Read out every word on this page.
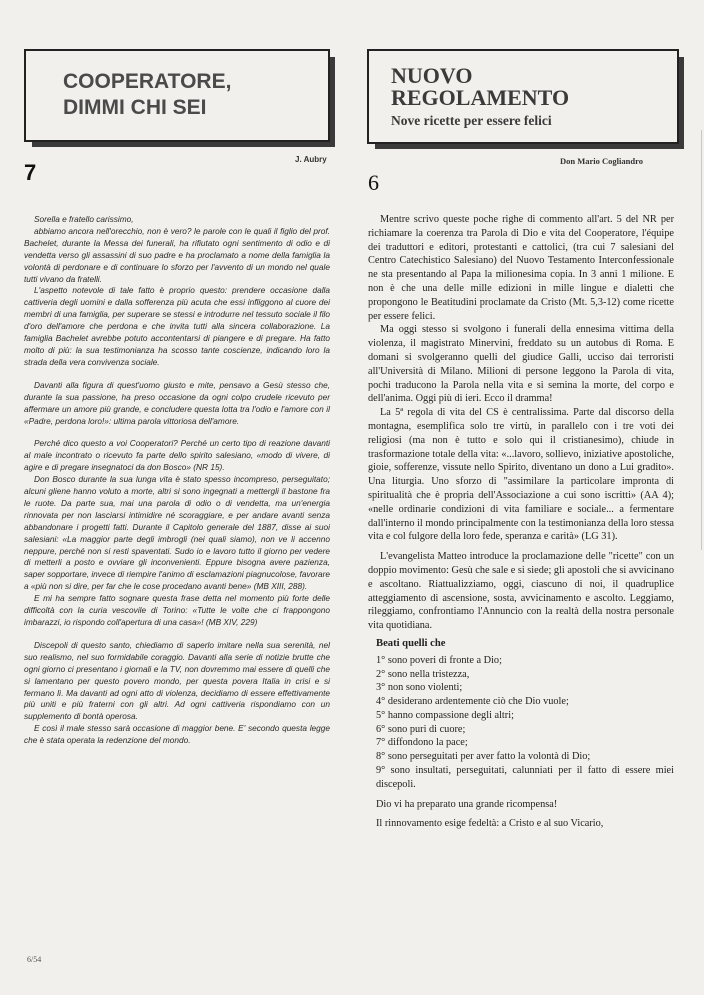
COOPERATORE,
DIMMI CHI SEI
NUOVO
REGOLAMENTO

Nove ricette per essere felici

J. Aubry
7	Don Mario Cogliandro
6

Sorella e fratello carissimo,

abbiamo ancora nell'orecchio, non è vero? le parole con le quali il figlio del prof. Bachelet, durante la Messa dei funerali, ha rifiutato ogni sentimento di odio e di vendetta verso gli assassini di suo padre e ha proclamato a nome della famiglia la volontà di perdonare e di continuare lo sforzo per l'avvento di un mondo nel quale tutti vivano da fratelli.

L'aspetto notevole di tale fatto è proprio questo: prendere occasione dalla cattiveria degli uomini e dalla sofferenza più acuta che essi infliggono al cuore dei membri di una famiglia, per superare se stessi e introdurre nel tessuto sociale il filo d'oro dell'amore che perdona e che invita tutti alla sincera collaborazione. La famiglia Bachelet avrebbe potuto accontentarsi di piangere e di pregare. Ha fatto molto di più: la sua testimonianza ha scosso tante coscienze, indicando loro la strada della vera convivenza sociale.

Davanti alla figura di quest'uomo giusto e mite, pensavo a Gesù stesso che, durante la sua passione, ha preso occasione da ogni colpo crudele ricevuto per affermare un amore più grande, e concludere questa lotta tra l'odio e l'amore con il «Padre, perdona loro!»: ultima parola vittoriosa dell'amore.

Perché dico questo a voi Cooperatori? Perché un certo tipo di reazione davanti al male incontrato o ricevuto fa parte dello spirito salesiano, «modo di vivere, di agire e di pregare insegnatoci da don Bosco» (NR 15).

Don Bosco durante la sua lunga vita è stato spesso incompreso, perseguitato; alcuni gliene hanno voluto a morte, altri si sono ingegnati a mettergli il bastone fra le ruote. Da parte sua, mai una parola di odio o di vendetta, ma un'energia rinnovata per non lasciarsi intimidire né scoraggiare, e per andare avanti senza abbandonare i progetti fatti. Durante il Capitolo generale del 1887, disse ai suoi salesiani: «La maggior parte degli imbrogli (nei quali siamo), non ve li accenno neppure, perché non si resti spaventati. Sudo io e lavoro tutto il giorno per vedere di metterli a posto e ovviare gli inconvenienti. Eppure bisogna avere pazienza, saper sopportare, invece di riempire l'animo di esclamazioni piagnucolose, favorare a «più non si dire, per far che le cose procedano avanti bene» (MB XIII, 288).

E mi ha sempre fatto sognare questa frase detta nel momento più forte delle difficoltà con la curia vescovile di Torino: «Tutte le volte che ci frappongono imbarazzi, io rispondo coll'apertura di una casa»! (MB XIV, 229)

Discepoli di questo santo, chiediamo di saperlo imitare nella sua serenità, nel suo realismo, nel suo formidabile coraggio. Davanti alla serie di notizie brutte che ogni giorno ci presentano i giornali e la TV, non dovremmo mai essere di quelli che si lamentano per questo povero mondo, per questa povera Italia in crisi e si fermano lì. Ma davanti ad ogni atto di violenza, decidiamo di essere effettivamente più uniti e più fraterni con gli altri. Ad ogni cattiveria rispondiamo con un supplemento di bontà operosa.

E così il male stesso sarà occasione di maggior bene. E' secondo questa legge che è stata operata la redenzione del mondo.

Mentre scrivo queste poche righe di commento all'art. 5 del NR per richiamare la coerenza tra Parola di Dio e vita del Cooperatore, l'équipe dei traduttori e editori, protestanti e cattolici, (tra cui 7 salesiani del Centro Catechistico Salesiano) del Nuovo Testamento Interconfessionale ne sta presentando al Papa la milionesima copia. In 3 anni 1 milione. E non è che una delle mille edizioni in mille lingue e dialetti che propongono le Beatitudini proclamate da Cristo (Mt. 5,3-12) come ricette per essere felici.

Ma oggi stesso si svolgono i funerali della ennesima vittima della violenza, il magistrato Minervini, freddato su un autobus di Roma. E domani si svolgeranno quelli del giudice Galli, ucciso dai terroristi all'Università di Milano. Milioni di persone leggono la Parola di vita, pochi traducono la Parola nella vita e si semina la morte, del corpo e dell'anima. Oggi più di ieri. Ecco il dramma!

La 5ª regola di vita del CS è centralissima. Parte dal discorso della montagna, esemplifica solo tre virtù, in parallelo con i tre voti dei religiosi (ma non è tutto e solo qui il cristianesimo), chiude in trasformazione totale della vita: «...lavoro, sollievo, iniziative apostoliche, gioie, sofferenze, vissute nello Spirito, diventano un dono a Lui gradito». Una liturgia. Uno sforzo di "assimilare la particolare impronta di spiritualità che è propria dell'Associazione a cui sono iscritti» (AA 4); «nelle ordinarie condizioni di vita familiare e sociale... a fermentare dall'interno il mondo principalmente con la testimonianza della loro stessa vita e col fulgore della loro fede, speranza e carità» (LG 31).

L'evangelista Matteo introduce la proclamazione delle "ricette" con un doppio movimento: Gesù che sale e si siede; gli apostoli che si avvicinano e ascoltano. Riattualizziamo, oggi, ciascuno di noi, il quadruplice atteggiamento di ascensione, sosta, avvicinamento e ascolto. Leggiamo, rileggiamo, confrontiamo l'Annuncio con la realtà della nostra personale vita quotidiana.

Beati quelli che

1° sono poveri di fronte a Dio;
2° sono nella tristezza,
3° non sono violenti;
4° desiderano ardentemente ciò che Dio vuole;
5° hanno compassione degli altri;
6° sono puri di cuore;
7° diffondono la pace;
8° sono perseguitati per aver fatto la volontà di Dio;
9° sono insultati, perseguitati, calunniati per il fatto di essere miei discepoli.

Dio vi ha preparato una grande ricompensa!

Il rinnovamento esige fedeltà: a Cristo e al suo Vicario,

6/54
